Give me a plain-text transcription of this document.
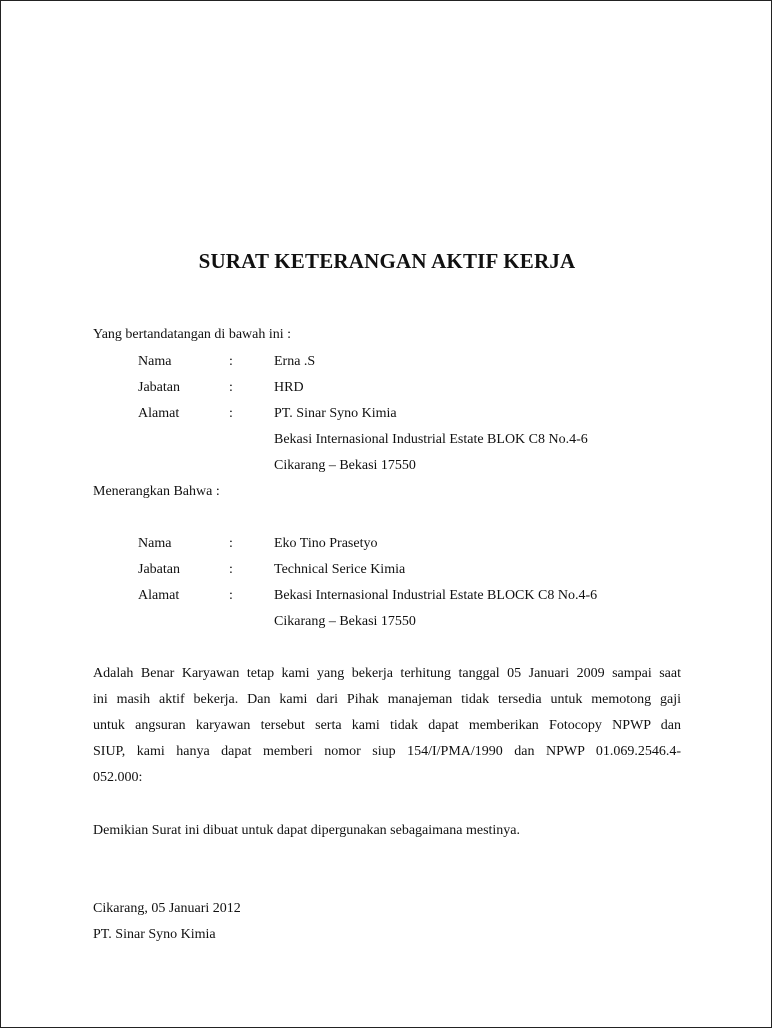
SURAT KETERANGAN AKTIF KERJA
Yang bertandatangan di bawah ini :
Nama	:	Erna .S
Jabatan	:	HRD
Alamat	:	PT. Sinar Syno Kimia
Bekasi Internasional Industrial Estate BLOK C8 No.4-6
Cikarang – Bekasi 17550
Menerangkan Bahwa :
Nama	:	Eko Tino Prasetyo
Jabatan	:	Technical Serice Kimia
Alamat	:	Bekasi Internasional Industrial Estate BLOCK C8 No.4-6
Cikarang – Bekasi 17550
Adalah Benar Karyawan tetap kami yang bekerja terhitung tanggal 05 Januari 2009 sampai saat
ini masih aktif bekerja. Dan kami dari Pihak manajeman tidak tersedia untuk memotong gaji
untuk angsuran karyawan tersebut serta kami tidak dapat memberikan Fotocopy NPWP dan
SIUP, kami hanya dapat memberi nomor siup 154/I/PMA/1990 dan NPWP 01.069.2546.4-
052.000:
Demikian Surat ini dibuat untuk dapat dipergunakan sebagaimana mestinya.
Cikarang, 05 Januari 2012
PT. Sinar Syno Kimia
